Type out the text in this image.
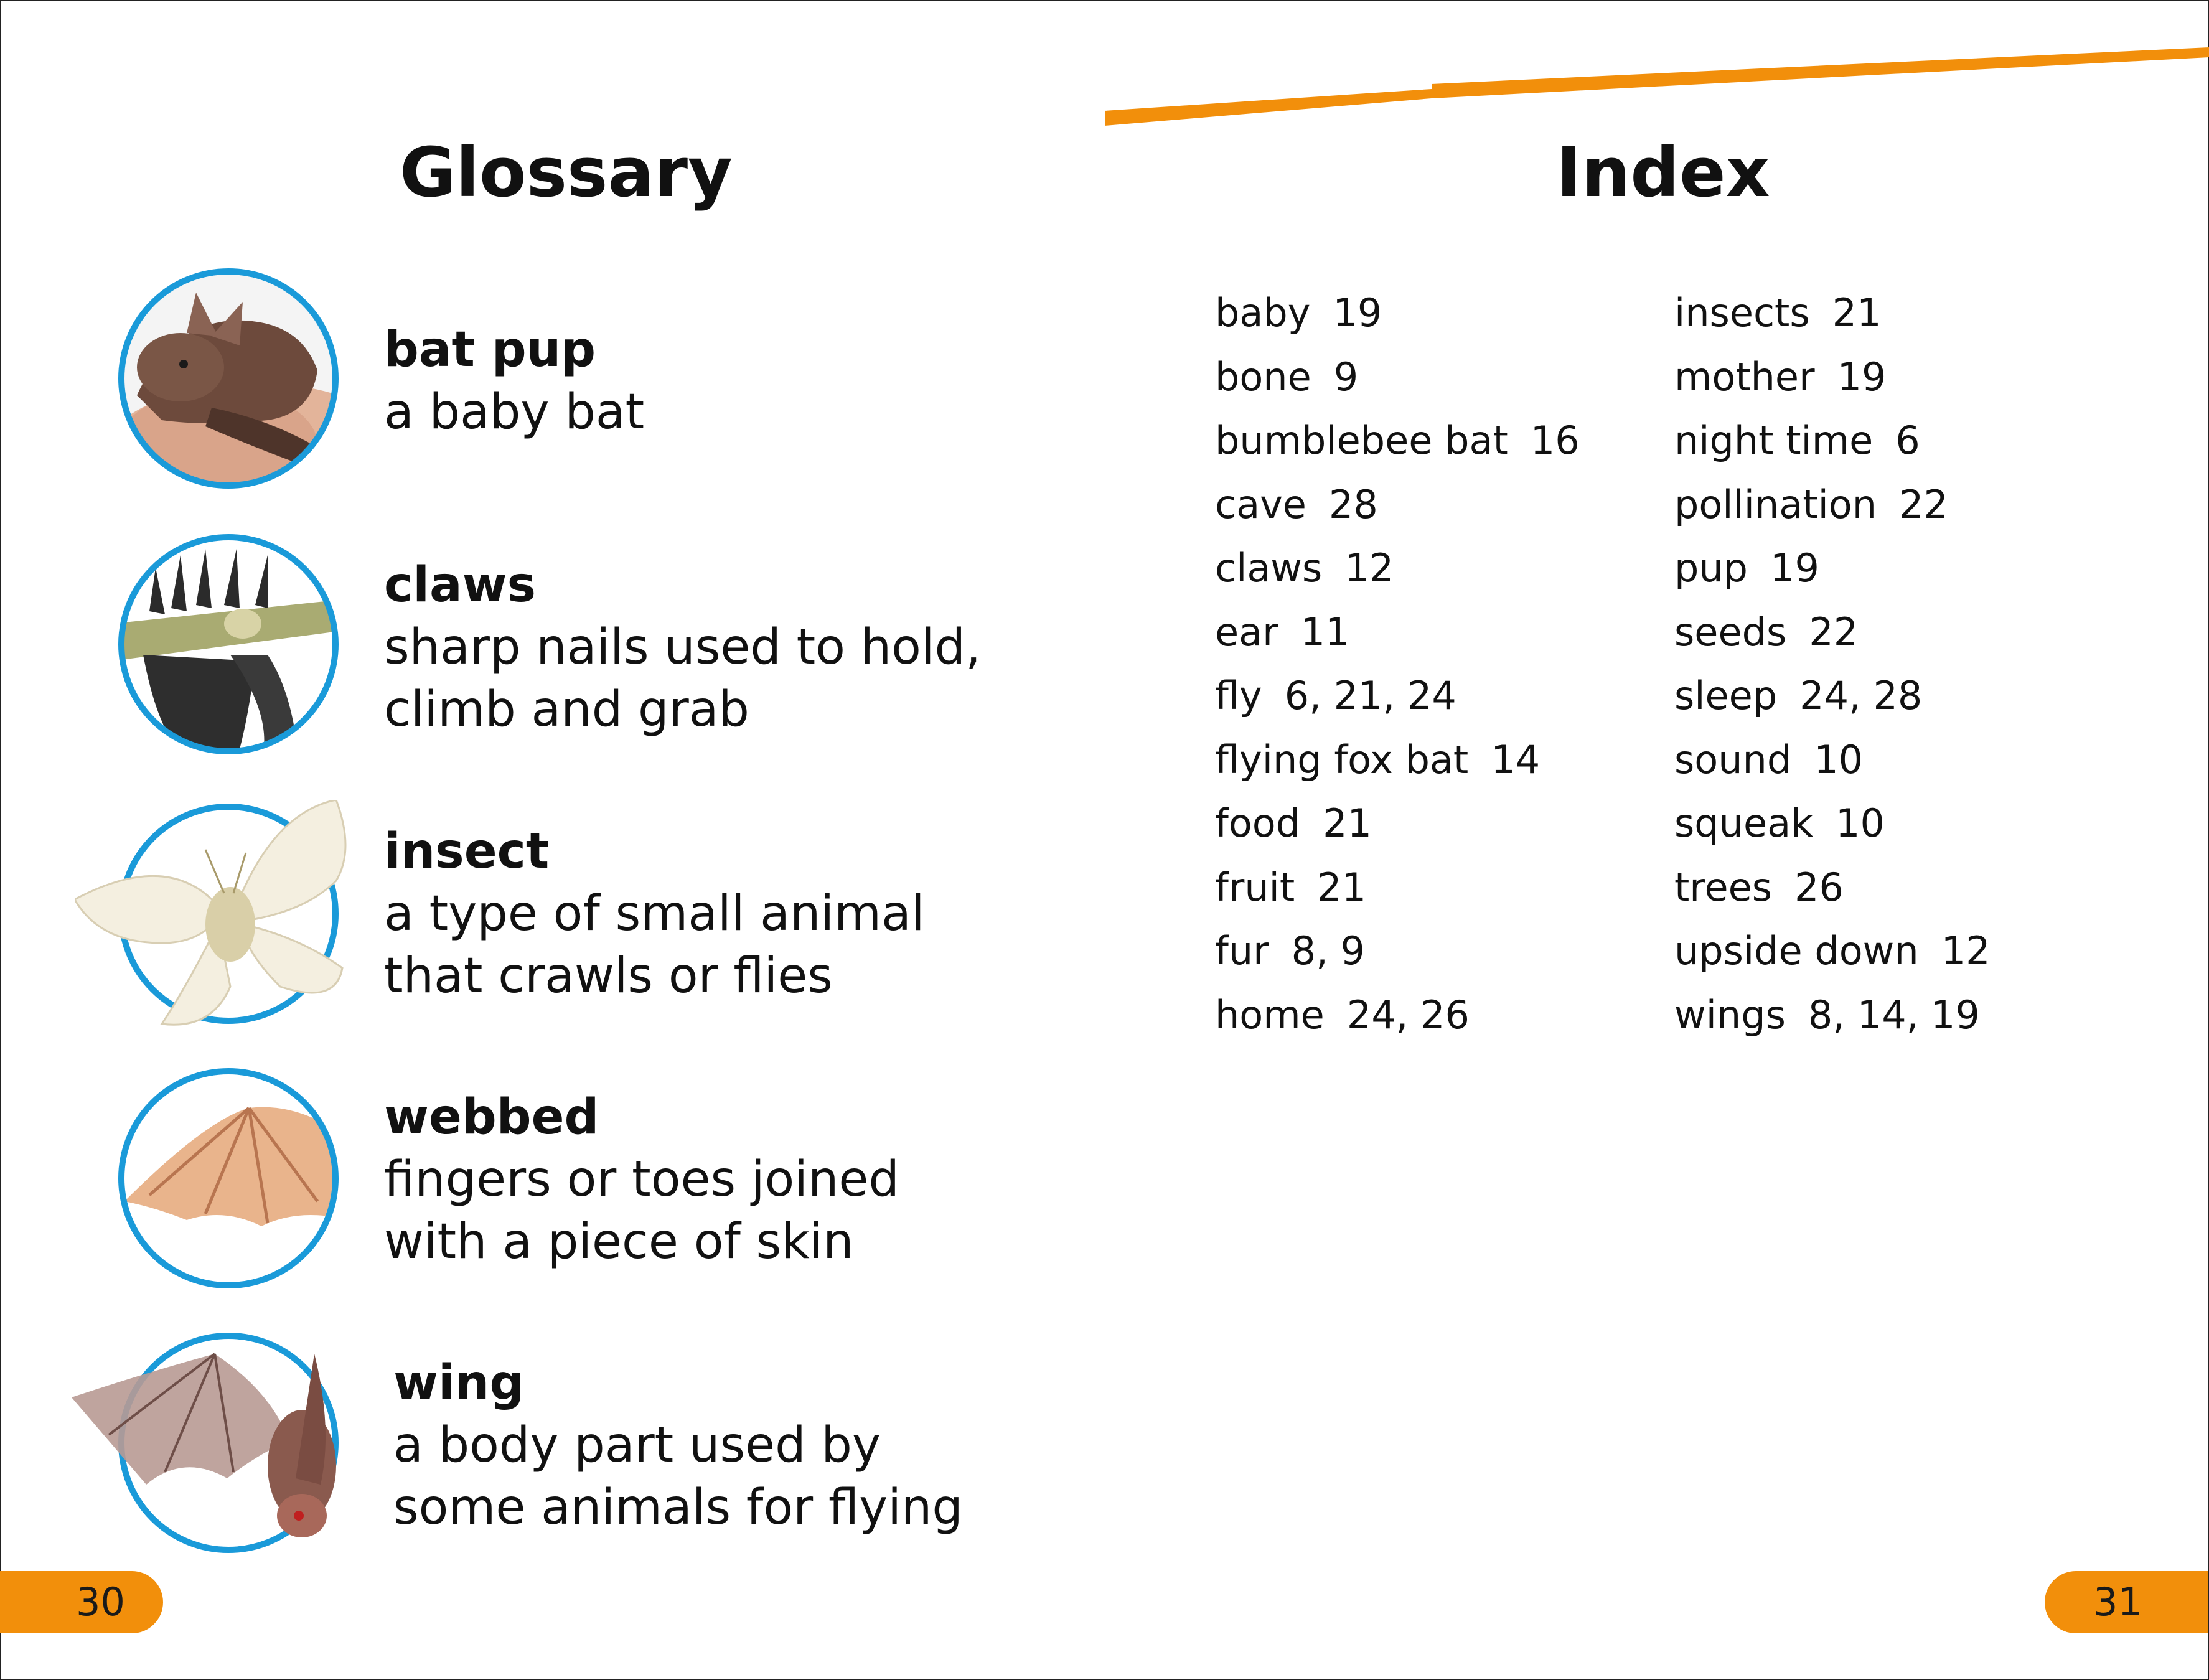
Glossary	Index
bat pup
a baby bat
claws
sharp nails used to hold,
climb and grab
insect
a type of small animal
that crawls or flies
webbed
fingers or toes joined
with a piece of skin
wing
a body part used by
some animals for flying
baby 19
bone 9
bumblebee bat 16
cave 28
claws 12
ear 11
fly 6, 21, 24
flying fox bat 14
food 21
fruit 21
fur 8, 9
home 24, 26
insects 21
mother 19
night time 6
pollination 22
pup 19
seeds 22
sleep 24, 28
sound 10
squeak 10
trees 26
upside down 12
wings 8, 14, 19
30	31
